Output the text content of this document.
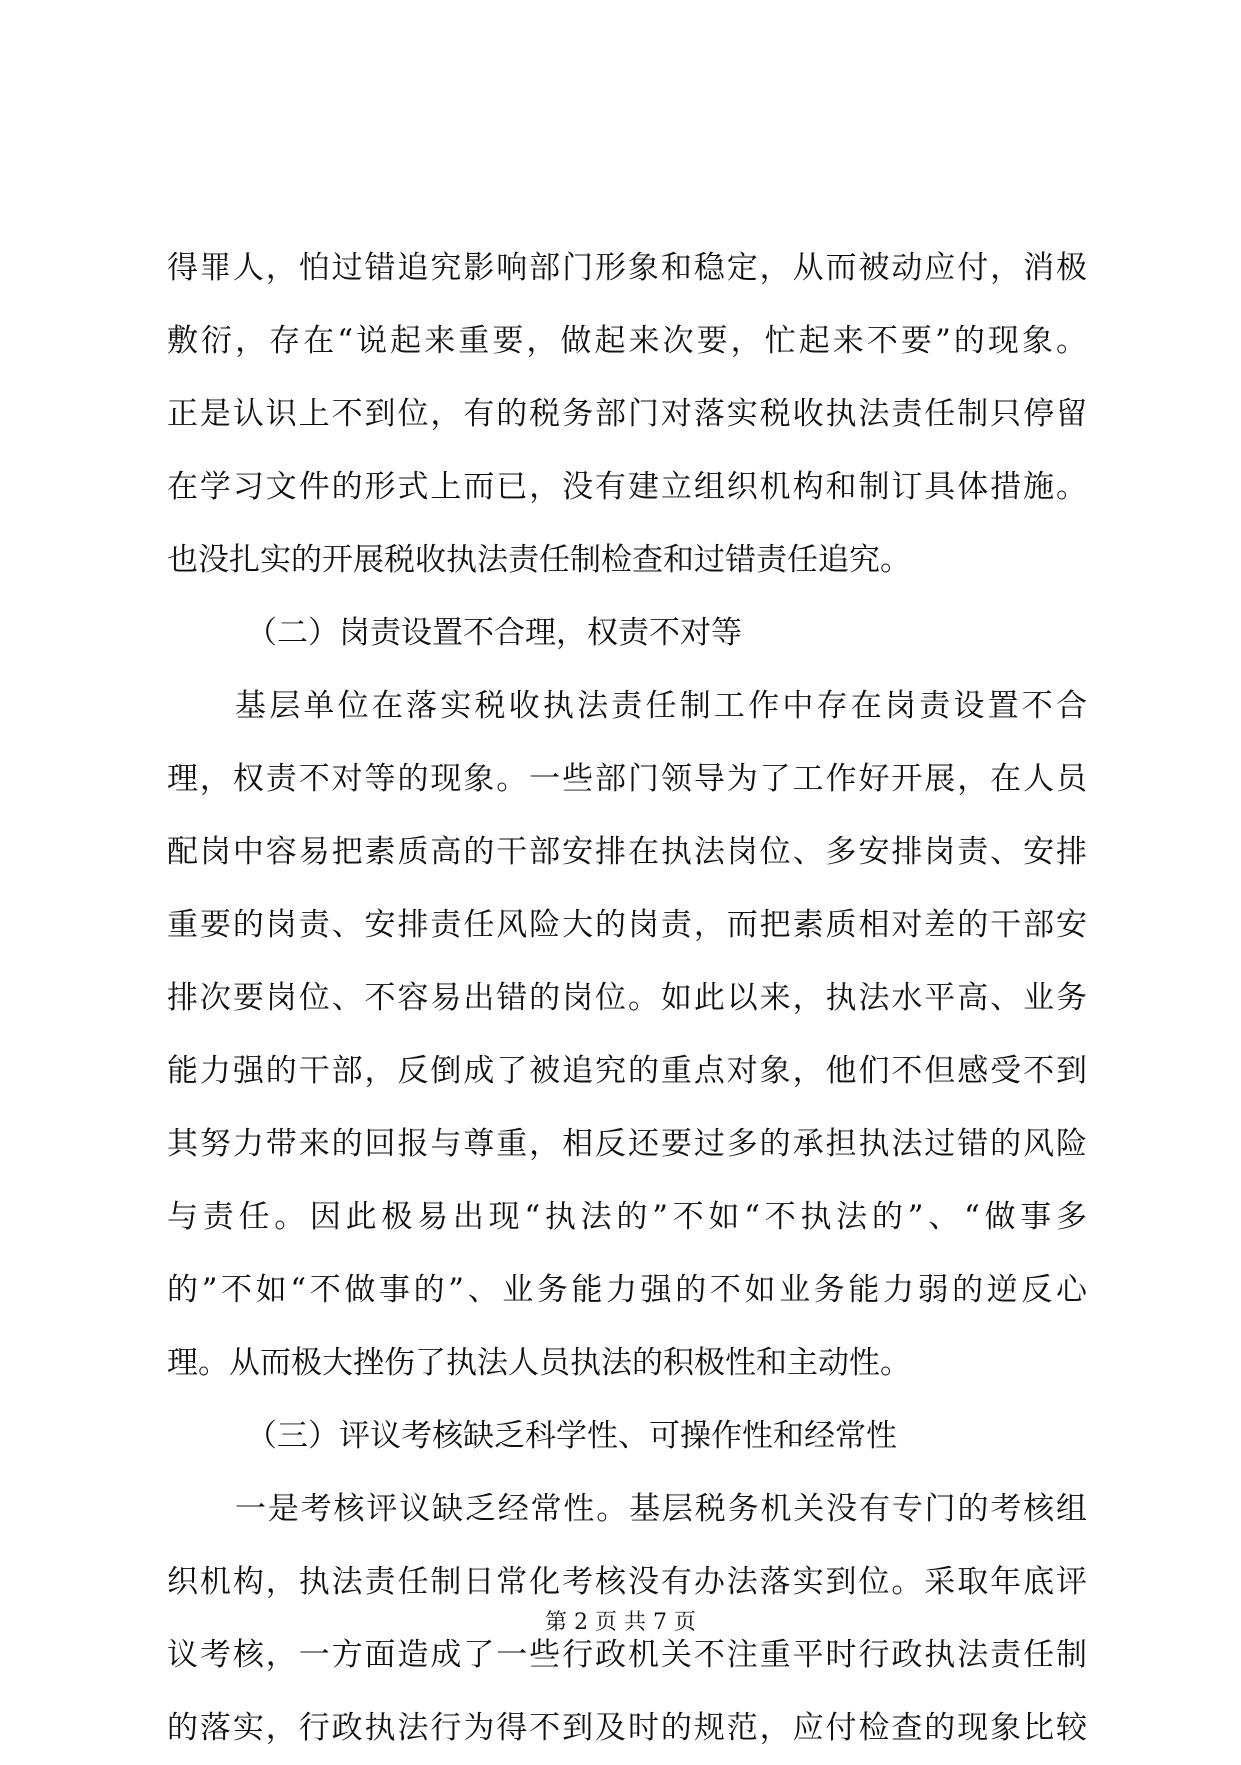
得罪人，怕过错追究影响部门形象和稳定，从而被动应付，消极
敷衍，存在“说起来重要，做起来次要，忙起来不要”的现象。
正是认识上不到位，有的税务部门对落实税收执法责任制只停留
在学习文件的形式上而已，没有建立组织机构和制订具体措施。
也没扎实的开展税收执法责任制检查和过错责任追究。
（二）岗责设置不合理，权责不对等
基层单位在落实税收执法责任制工作中存在岗责设置不合
理，权责不对等的现象。一些部门领导为了工作好开展，在人员
配岗中容易把素质高的干部安排在执法岗位、多安排岗责、安排
重要的岗责、安排责任风险大的岗责，而把素质相对差的干部安
排次要岗位、不容易出错的岗位。如此以来，执法水平高、业务
能力强的干部，反倒成了被追究的重点对象，他们不但感受不到
其努力带来的回报与尊重，相反还要过多的承担执法过错的风险
与责任。因此极易出现“执法的”不如“不执法的”、“做事多
的”不如“不做事的”、业务能力强的不如业务能力弱的逆反心
理。从而极大挫伤了执法人员执法的积极性和主动性。
（三）评议考核缺乏科学性、可操作性和经常性
一是考核评议缺乏经常性。基层税务机关没有专门的考核组
织机构，执法责任制日常化考核没有办法落实到位。采取年底评
议考核，一方面造成了一些行政机关不注重平时行政执法责任制
的落实，行政执法行为得不到及时的规范，应付检查的现象比较
第 2 页 共 7 页
